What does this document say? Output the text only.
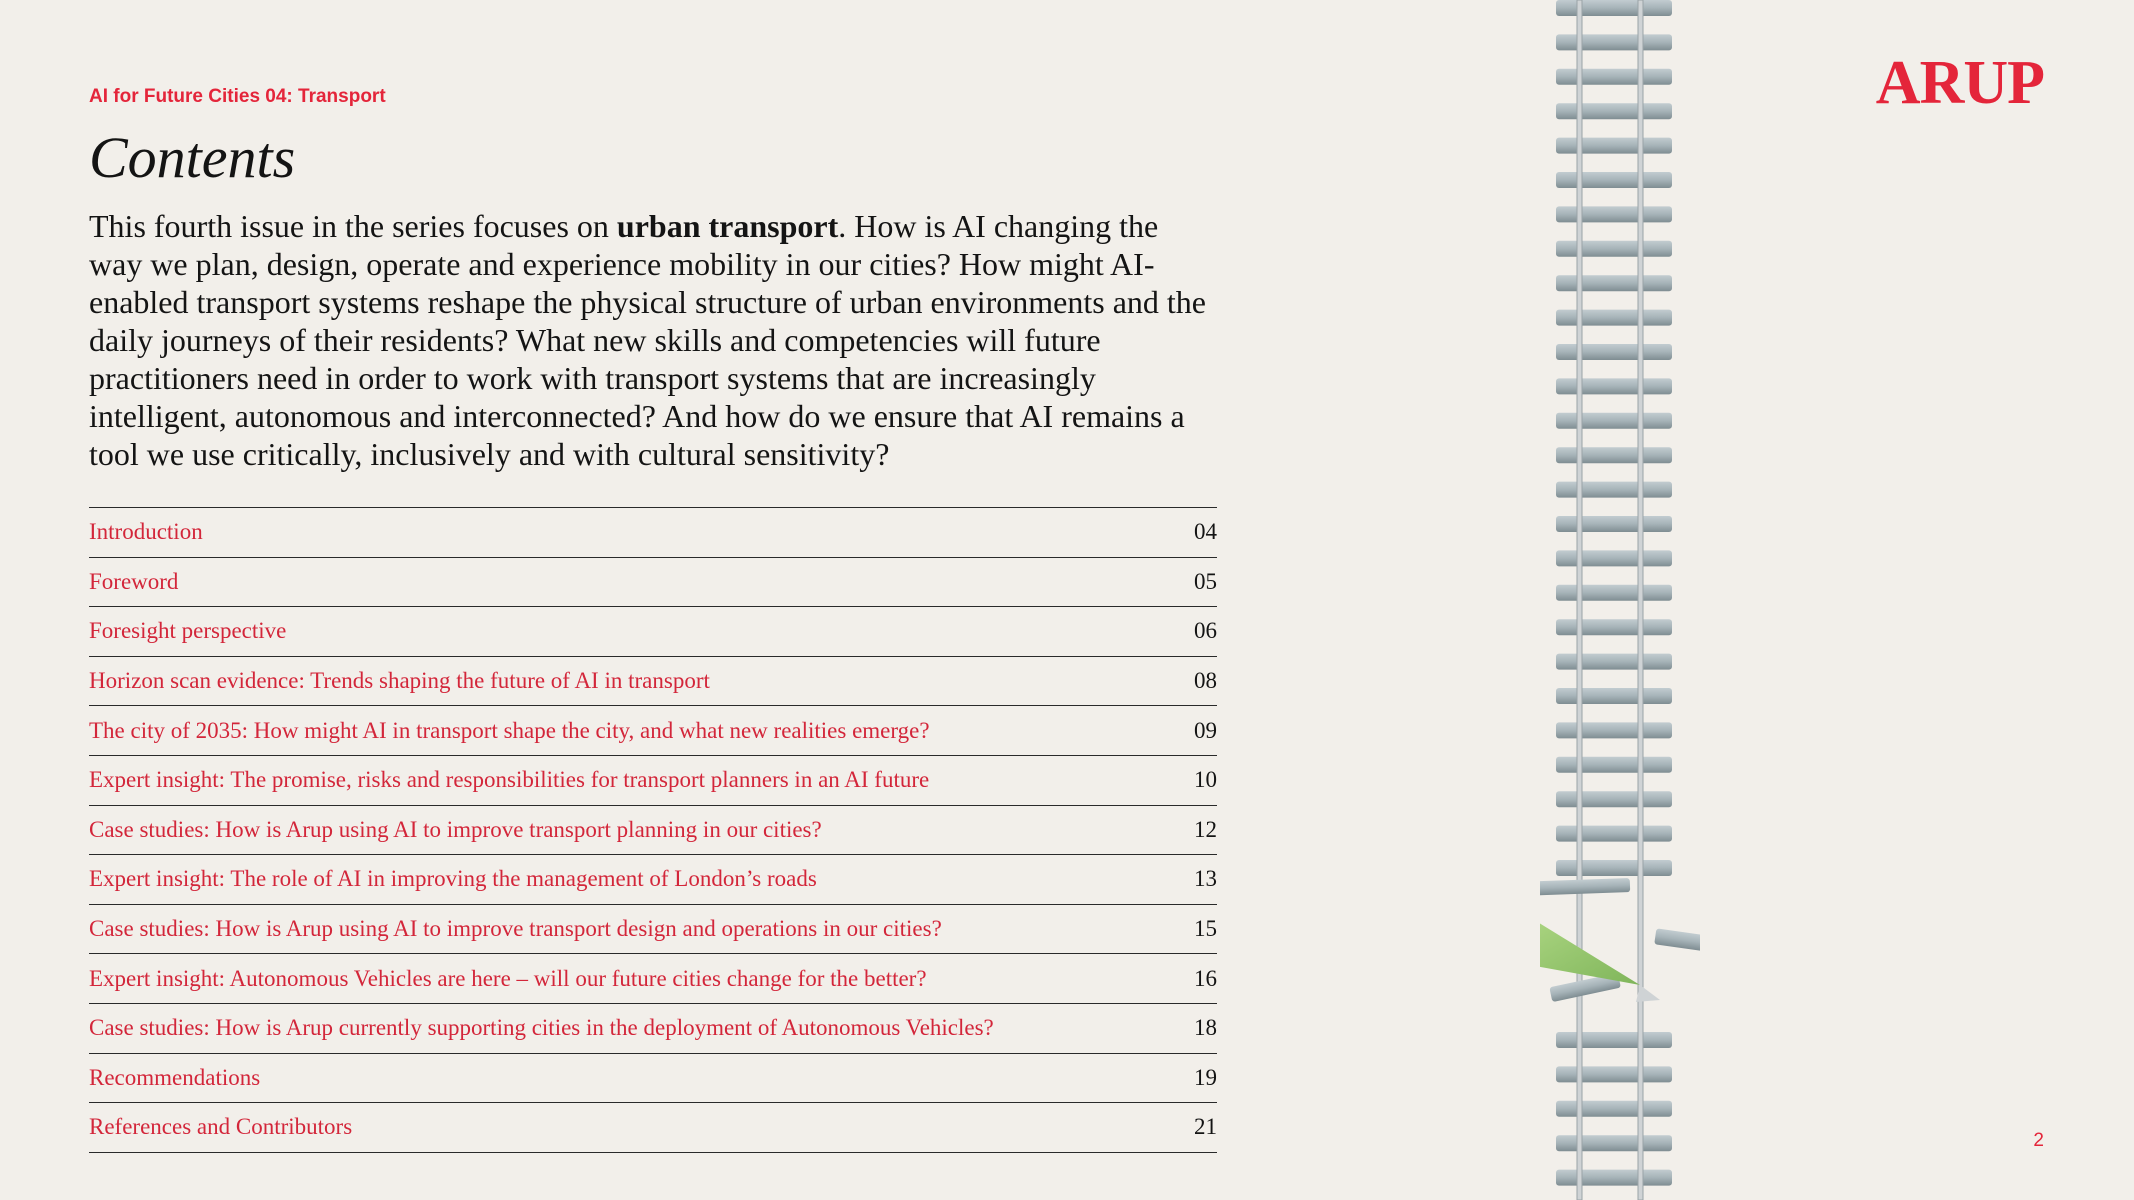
AI for Future Cities 04: Transport

Contents

This fourth issue in the series focuses on urban transport. How is AI changing the way we plan, design, operate and experience mobility in our cities? How might AI-enabled transport systems reshape the physical structure of urban environments and the daily journeys of their residents? What new skills and competencies will future practitioners need in order to work with transport systems that are increasingly intelligent, autonomous and interconnected? And how do we ensure that AI remains a tool we use critically, inclusively and with cultural sensitivity?

Introduction	04
Foreword	05
Foresight perspective	06
Horizon scan evidence: Trends shaping the future of AI in transport	08
The city of 2035: How might AI in transport shape the city, and what new realities emerge?	09
Expert insight: The promise, risks and responsibilities for transport planners in an AI future	10
Case studies: How is Arup using AI to improve transport planning in our cities?	12
Expert insight: The role of AI in improving the management of London’s roads	13
Case studies: How is Arup using AI to improve transport design and operations in our cities?	15
Expert insight: Autonomous Vehicles are here – will our future cities change for the better?	16
Case studies: How is Arup currently supporting cities in the deployment of Autonomous Vehicles?	18
Recommendations	19
References and Contributors	21
ARUP
2
